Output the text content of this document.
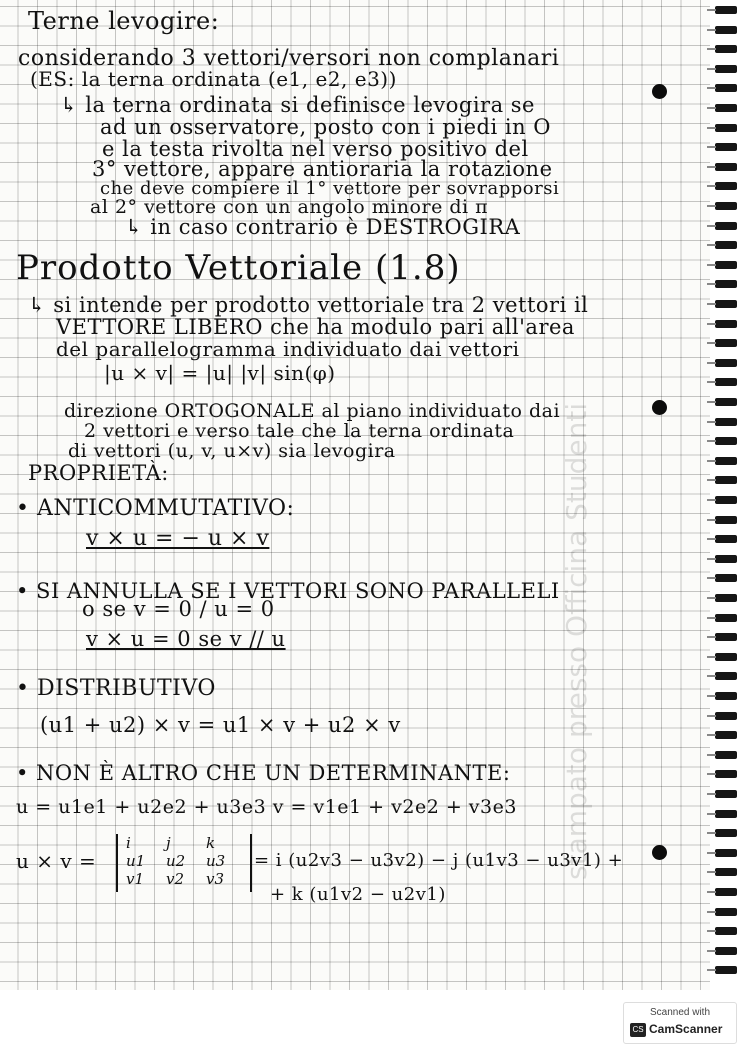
Terne levogire:
considerando 3 vettori/versori non complanari
(ES: la terna ordinata (e1, e2, e3))
↳ la terna ordinata si definisce levogira se
ad un osservatore, posto con i piedi in O
e la testa rivolta nel verso positivo del
3° vettore, appare antioraria la rotazione
che deve compiere il 1° vettore per sovrapporsi
al 2° vettore con un angolo minore di π
↳ in caso contrario è DESTROGIRA
Prodotto Vettoriale (1.8)
↳ si intende per prodotto vettoriale tra 2 vettori il
VETTORE LIBERO che ha modulo pari all'area
del parallelogramma individuato dai vettori
|u × v| = |u| |v| sin(φ)
direzione ORTOGONALE al piano individuato dai
2 vettori e verso tale che la terna ordinata
di vettori (u, v, u×v) sia levogira
PROPRIETÀ:
• ANTICOMMUTATIVO:
v × u = − u × v
• SI ANNULLA SE I VETTORI SONO PARALLELI
o se v = 0 / u = 0
v × u = 0 se v // u
• DISTRIBUTIVO
(u1 + u2) × v = u1 × v + u2 × v
• NON È ALTRO CHE UN DETERMINANTE:
u = u1e1 + u2e2 + u3e3 v = v1e1 + v2e2 + v3e3
u × v =
i	j	k
u1	u2	u3
v1	v2	v3
= i (u2v3 − u3v2) − j (u1v3 − u3v1) +
+ k (u1v2 − u2v1)
stampato presso Officina Studenti
Scanned with
CS CamScanner
